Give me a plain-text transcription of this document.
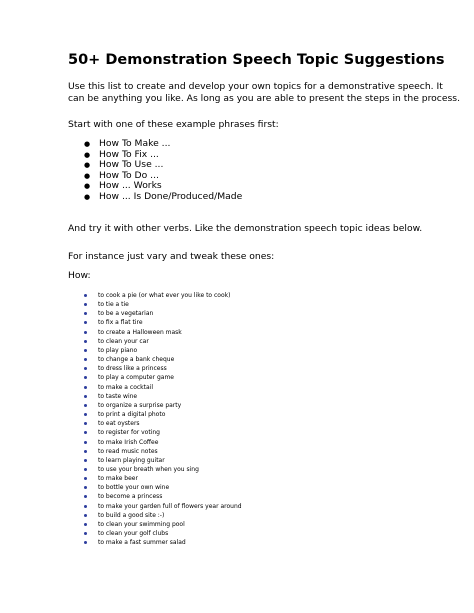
50+ Demonstration Speech Topic Suggestions
Use this list to create and develop your own topics for a demonstrative speech. It
can be anything you like. As long as you are able to present the steps in the process.
Start with one of these example phrases first:
● How To Make ...
● How To Fix ...
● How To Use ...
● How To Do ...
● How ... Works
● How ... Is Done/Produced/Made
And try it with other verbs. Like the demonstration speech topic ideas below.
For instance just vary and tweak these ones:
How:
to cook a pie (or what ever you like to cook)
to tie a tie
to be a vegetarian
to fix a flat tire
to create a Halloween mask
to clean your car
to play piano
to change a bank cheque
to dress like a princess
to play a computer game
to make a cocktail
to taste wine
to organize a surprise party
to print a digital photo
to eat oysters
to register for voting
to make Irish Coffee
to read music notes
to learn playing guitar
to use your breath when you sing
to make beer
to bottle your own wine
to become a princess
to make your garden full of flowers year around
to build a good site :-)
to clean your swimming pool
to clean your golf clubs
to make a fast summer salad
